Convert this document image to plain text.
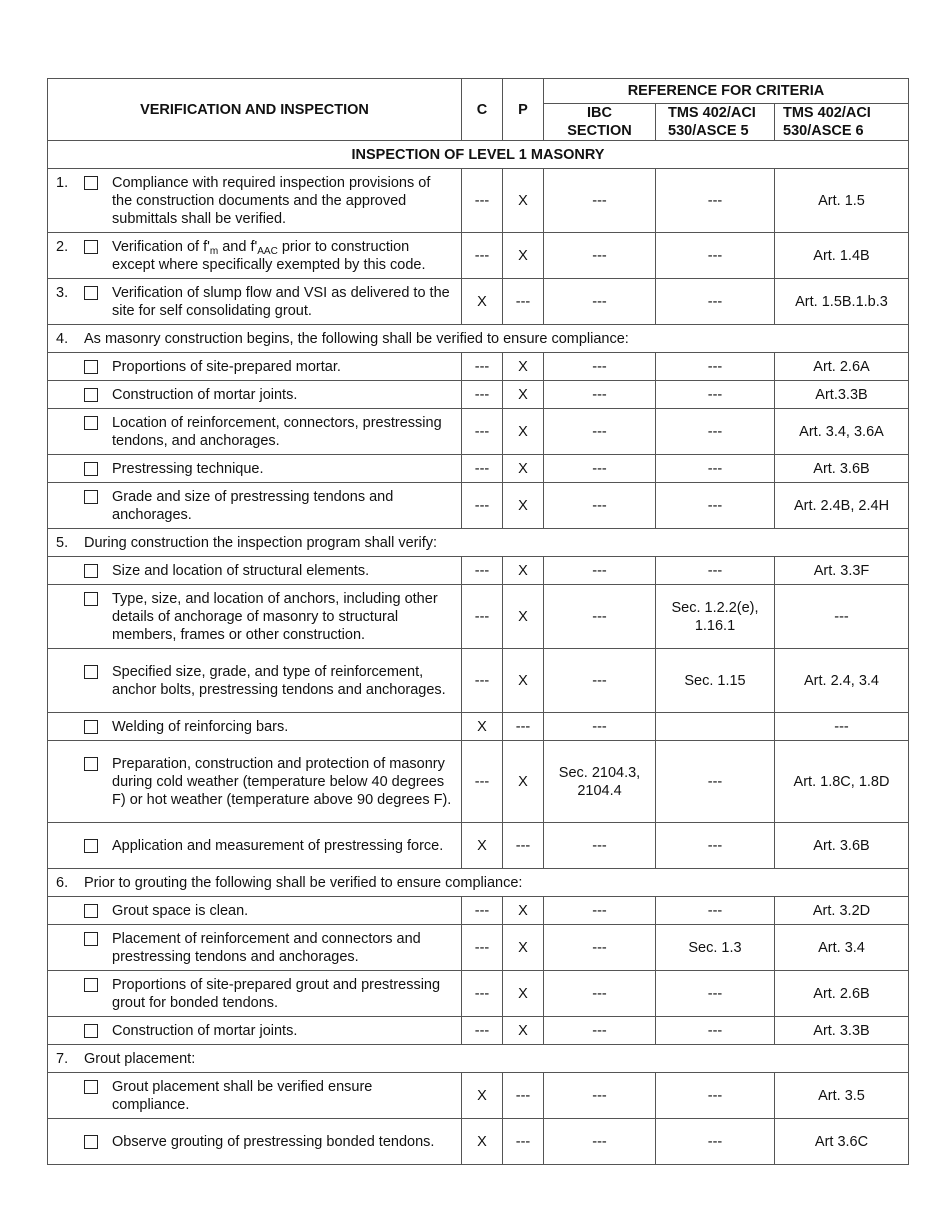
VERIFICATION AND INSPECTION	C	P	REFERENCE FOR CRITERIA		
			IBC SECTION	TMS 402/ACI 530/ASCE 5	TMS 402/ACI 530/ASCE 6
INSPECTION OF LEVEL 1 MASONRY					

1. Compliance with required inspection provisions of the construction documents and the approved submittals shall be verified.	---	X	---	---	Art. 1.5

2. Verification of $f'_m$ and $f'_{AAC}$ prior to construction except where specifically exempted by this code.	---	X	---	---	Art. 1.4B

3. Verification of slump flow and VSI as delivered to the site for self consolidating grout.	X	---	---	---	Art. 1.5B.1.b.3

4. As masonry construction begins, the following shall be verified to ensure compliance:					

Proportions of site-prepared mortar.	---	X	---	---	Art. 2.6A

Construction of mortar joints.	---	X	---	---	Art.3.3B

Location of reinforcement, connectors, prestressing tendons, and anchorages.	---	X	---	---	Art. 3.4, 3.6A

Prestressing technique.	---	X	---	---	Art. 3.6B

Grade and size of prestressing tendons and anchorages.	---	X	---	---	Art. 2.4B, 2.4H

5. During construction the inspection program shall verify:					

Size and location of structural elements.	---	X	---	---	Art. 3.3F

Type, size, and location of anchors, including other details of anchorage of masonry to structural members, frames or other construction.	---	X	---	Sec. 1.2.2(e), 1.16.1	---

Specified size, grade, and type of reinforcement, anchor bolts, prestressing tendons and anchorages.	---	X	---	Sec. 1.15	Art. 2.4, 3.4

Welding of reinforcing bars.	X	---	---		---

Preparation, construction and protection of masonry during cold weather (temperature below 40 degrees F) or hot weather (temperature above 90 degrees F).	---	X	Sec. 2104.3, 2104.4	---	Art. 1.8C, 1.8D

Application and measurement of prestressing force.	X	---	---	---	Art. 3.6B

6. Prior to grouting the following shall be verified to ensure compliance:					

Grout space is clean.	---	X	---	---	Art. 3.2D

Placement of reinforcement and connectors and prestressing tendons and anchorages.	---	X	---	Sec. 1.3	Art. 3.4

Proportions of site-prepared grout and prestressing grout for bonded tendons.	---	X	---	---	Art. 2.6B

Construction of mortar joints.	---	X	---	---	Art. 3.3B

7. Grout placement:					

Grout placement shall be verified ensure compliance.	X	---	---	---	Art. 3.5

Observe grouting of prestressing bonded tendons.	X	---	---	---	Art 3.6C
